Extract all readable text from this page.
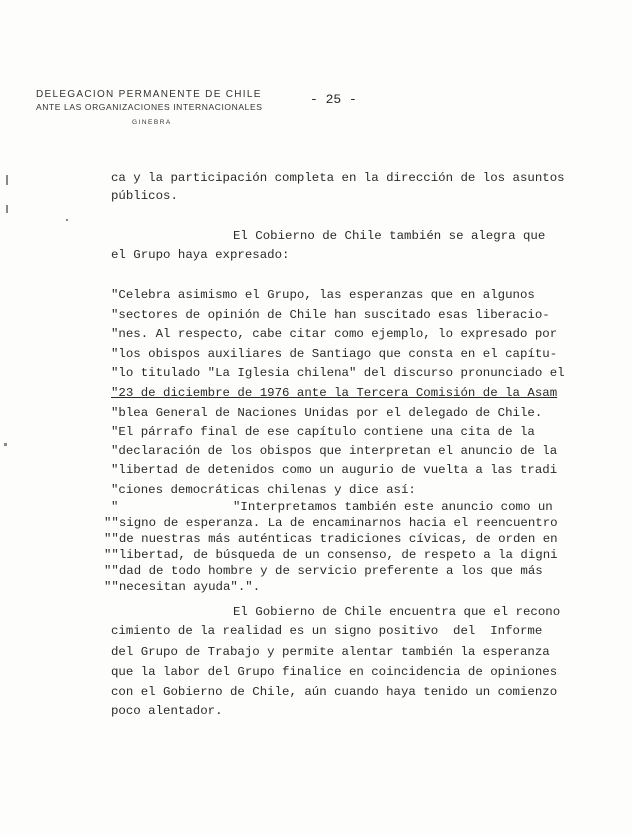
DELEGACION PERMANENTE DE CHILE
ANTE LAS ORGANIZACIONES INTERNACIONALES
GINEBRA
- 25 -
ca y la participación completa en la dirección de los asuntos
públicos.
El Cobierno de Chile también se alegra que
el Grupo haya expresado:
"Celebra asimismo el Grupo, las esperanzas que en algunos
"sectores de opinión de Chile han suscitado esas liberacio-
"nes. Al respecto, cabe citar como ejemplo, lo expresado por
"los obispos auxiliares de Santiago que consta en el capítu-
"lo titulado "La Iglesia chilena" del discurso pronunciado el
"23 de diciembre de 1976 ante la Tercera Comisión de la Asam
"blea General de Naciones Unidas por el delegado de Chile.
"El párrafo final de ese capítulo contiene una cita de la
"declaración de los obispos que interpretan el anuncio de la
"libertad de detenidos como un augurio de vuelta a las tradi
"ciones democráticas chilenas y dice así:
"	"Interpretamos también este anuncio como un
""signo de esperanza. La de encaminarnos hacia el reencuentro
""de nuestras más auténticas tradiciones cívicas, de orden en
""libertad, de búsqueda de un consenso, de respeto a la digni
""dad de todo hombre y de servicio preferente a los que más
""necesitan ayuda".".
El Gobierno de Chile encuentra que el recono
cimiento de la realidad es un signo positivo  del  Informe
del Grupo de Trabajo y permite alentar también la esperanza
que la labor del Grupo finalice en coincidencia de opiniones
con el Gobierno de Chile, aún cuando haya tenido un comienzo
poco alentador.
